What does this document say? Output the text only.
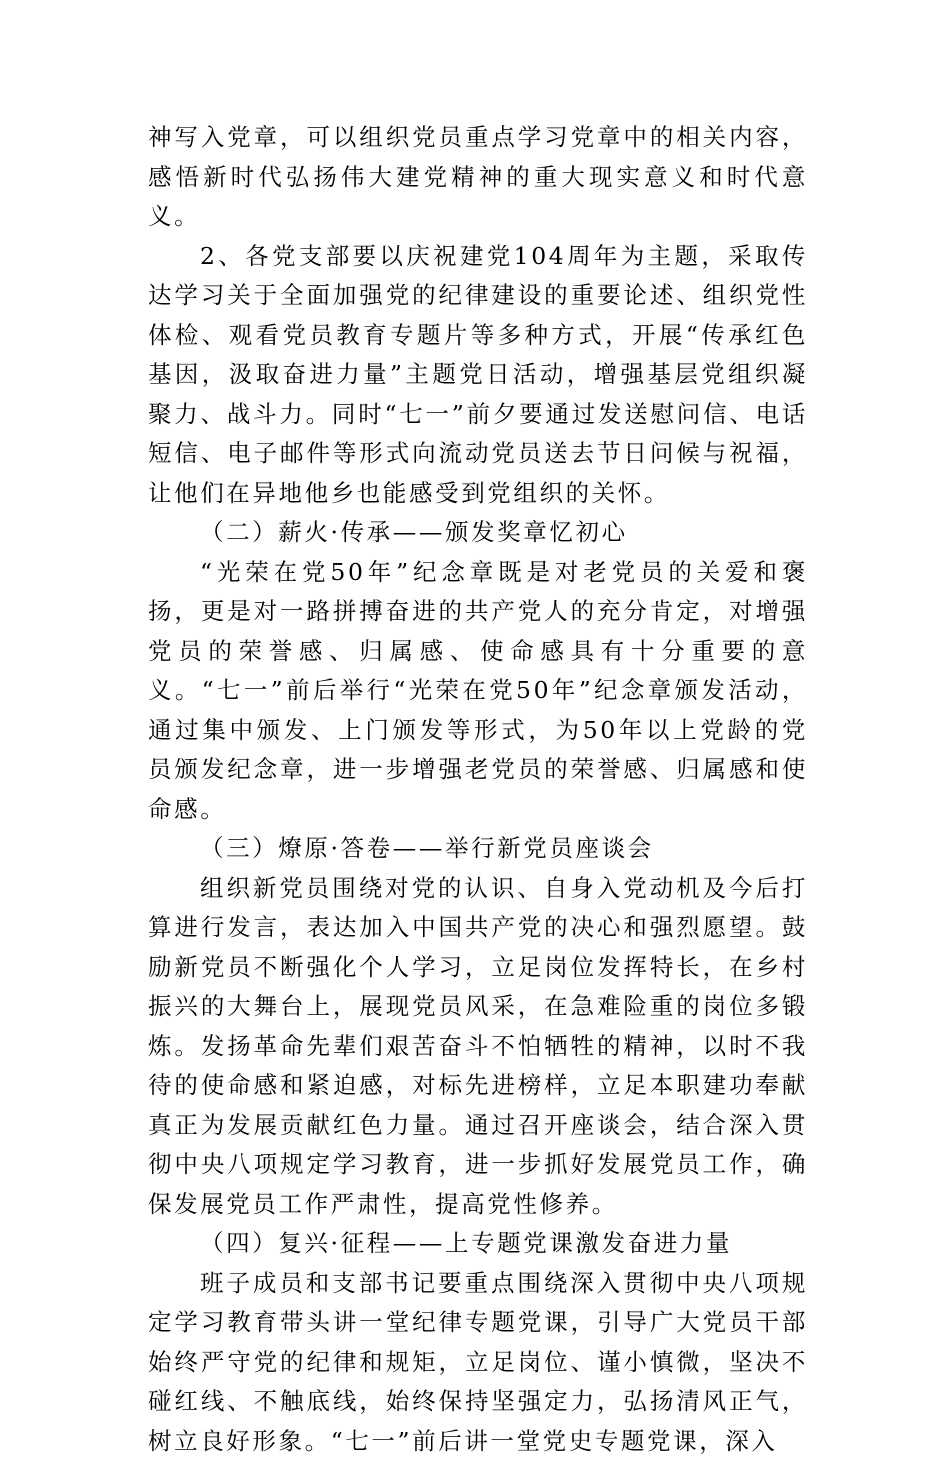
神写入党章，可以组织党员重点学习党章中的相关内容，感悟新时代弘扬伟大建党精神的重大现实意义和时代意义。

2、各党支部要以庆祝建党104周年为主题，采取传达学习关于全面加强党的纪律建设的重要论述、组织党性体检、观看党员教育专题片等多种方式，开展“传承红色基因，汲取奋进力量”主题党日活动，增强基层党组织凝聚力、战斗力。同时“七一”前夕要通过发送慰问信、电话短信、电子邮件等形式向流动党员送去节日问候与祝福，让他们在异地他乡也能感受到党组织的关怀。

（二）薪火·传承——颁发奖章忆初心

“光荣在党50年”纪念章既是对老党员的关爱和褒扬，更是对一路拼搏奋进的共产党人的充分肯定，对增强党员的荣誉感、归属感、使命感具有十分重要的意义。“七一”前后举行“光荣在党50年”纪念章颁发活动，通过集中颁发、上门颁发等形式，为50年以上党龄的党员颁发纪念章，进一步增强老党员的荣誉感、归属感和使命感。

（三）燎原·答卷——举行新党员座谈会

组织新党员围绕对党的认识、自身入党动机及今后打算进行发言，表达加入中国共产党的决心和强烈愿望。鼓励新党员不断强化个人学习，立足岗位发挥特长，在乡村振兴的大舞台上，展现党员风采，在急难险重的岗位多锻炼。发扬革命先辈们艰苦奋斗不怕牺牲的精神，以时不我待的使命感和紧迫感，对标先进榜样，立足本职建功奉献真正为发展贡献红色力量。通过召开座谈会，结合深入贯彻中央八项规定学习教育，进一步抓好发展党员工作，确保发展党员工作严肃性，提高党性修养。

（四）复兴·征程——上专题党课激发奋进力量

班子成员和支部书记要重点围绕深入贯彻中央八项规定学习教育带头讲一堂纪律专题党课，引导广大党员干部始终严守党的纪律和规矩，立足岗位、谨小慎微，坚决不碰红线、不触底线，始终保持坚强定力，弘扬清风正气，树立良好形象。“七一”前后讲一堂党史专题党课，深入
